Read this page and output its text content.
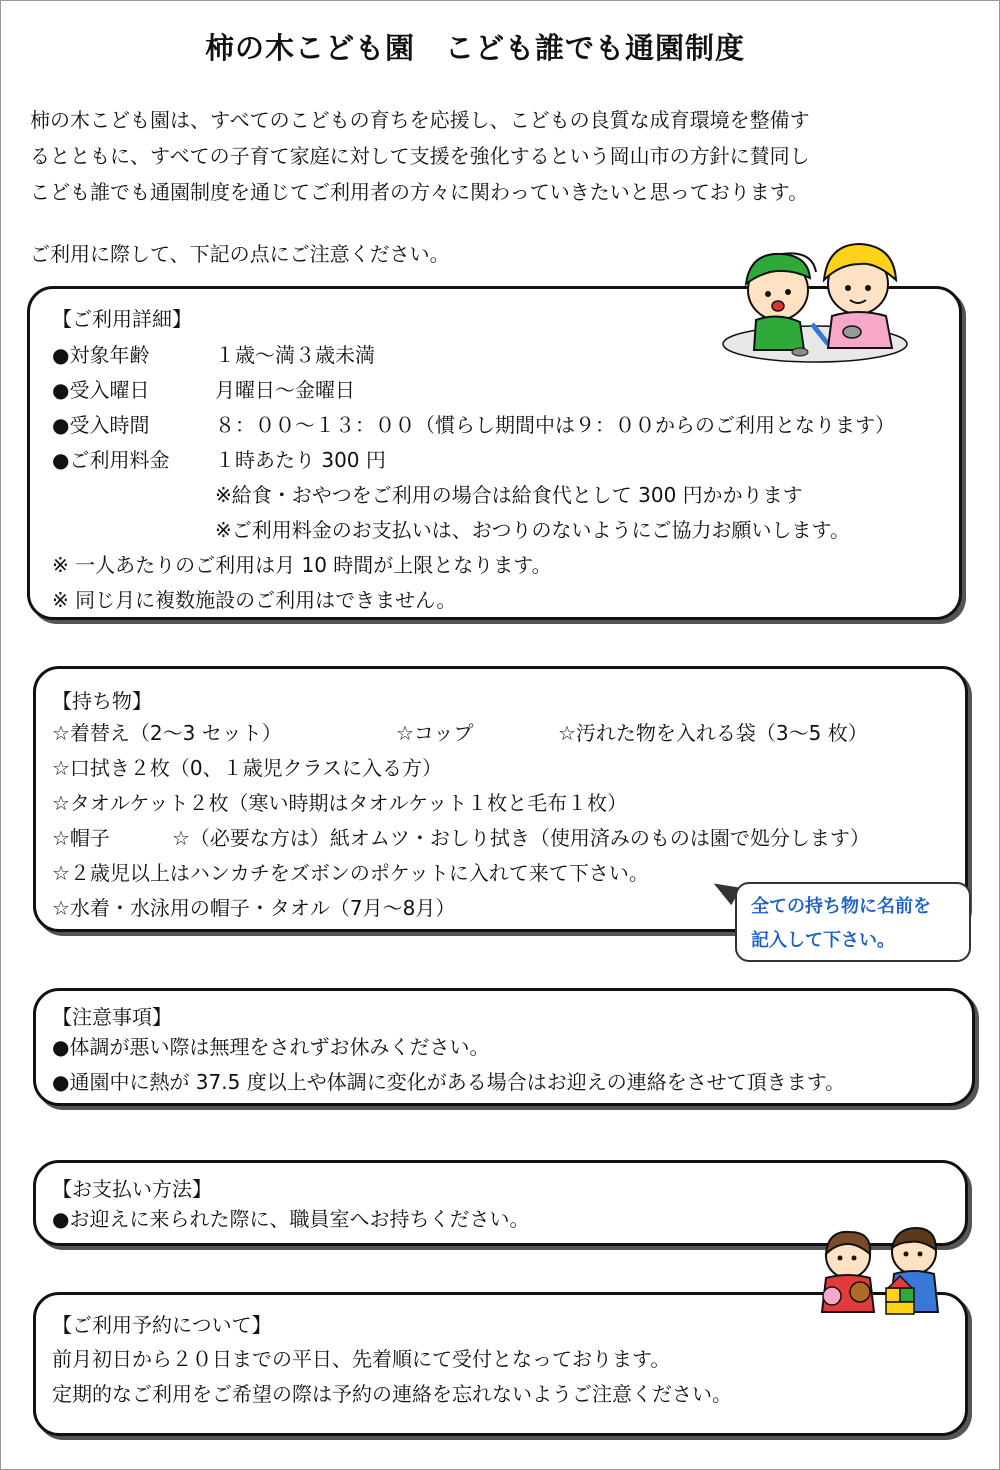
柿の木こども園　こども誰でも通園制度
柿の木こども園は、すべてのこどもの育ちを応援し、こどもの良質な成育環境を整備す
るとともに、すべての子育て家庭に対して支援を強化するという岡山市の方針に賛同し
こども誰でも通園制度を通じてご利用者の方々に関わっていきたいと思っております。
ご利用に際して、下記の点にご注意ください。
【ご利用詳細】
●対象年齢	１歳～満３歳未満
●受入曜日	月曜日～金曜日
●受入時間	８：００～１３：００（慣らし期間中は９：００からのご利用となります）
●ご利用料金	１時あたり 300 円
※給食・おやつをご利用の場合は給食代として 300 円かかります
※ご利用料金のお支払いは、おつりのないようにご協力お願いします。
※ 一人あたりのご利用は月 10 時間が上限となります。
※ 同じ月に複数施設のご利用はできません。
【持ち物】
☆着替え（2～3 セット）	☆コップ	☆汚れた物を入れる袋（3～5 枚）
☆口拭き２枚（0、１歳児クラスに入る方）
☆タオルケット２枚（寒い時期はタオルケット１枚と毛布１枚）
☆帽子	☆（必要な方は）紙オムツ・おしり拭き（使用済みのものは園で処分します）
☆２歳児以上はハンカチをズボンのポケットに入れて来て下さい。
☆水着・水泳用の帽子・タオル（7月～8月）	全ての持ち物に名前を
記入して下さい。
【注意事項】
●体調が悪い際は無理をされずお休みください。
●通園中に熱が 37.5 度以上や体調に変化がある場合はお迎えの連絡をさせて頂きます。
【お支払い方法】
●お迎えに来られた際に、職員室へお持ちください。
【ご利用予約について】
前月初日から２０日までの平日、先着順にて受付となっております。
定期的なご利用をご希望の際は予約の連絡を忘れないようご注意ください。
